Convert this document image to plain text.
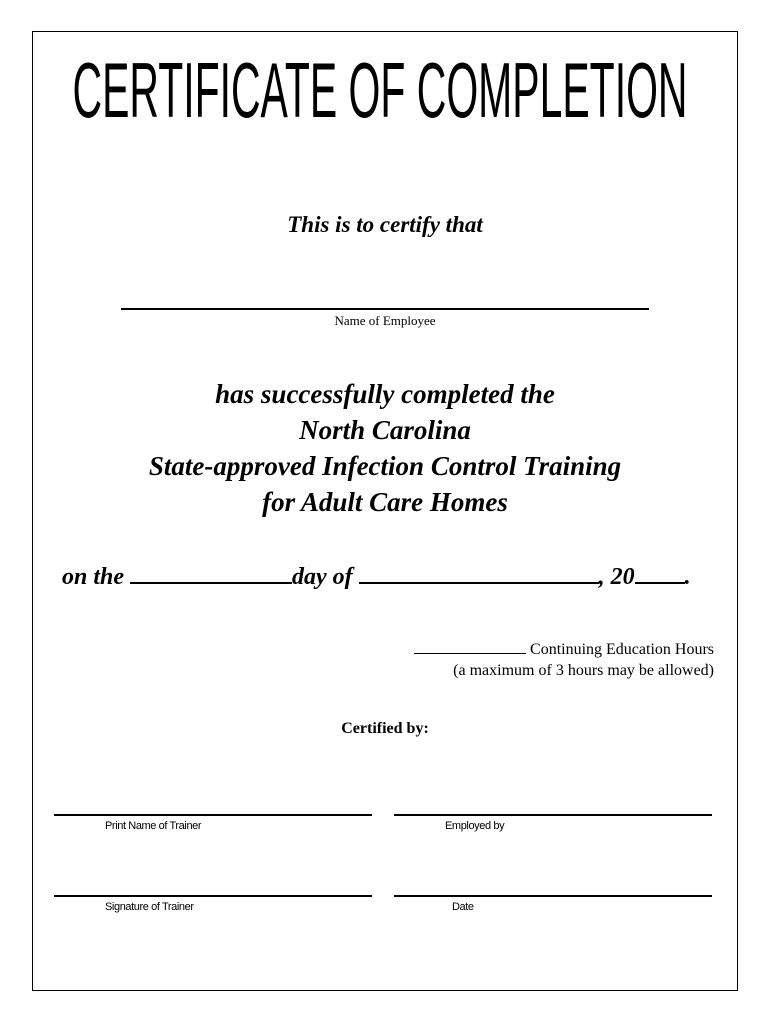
CERTIFICATE OF COMPLETION
This is to certify that
Name of Employee
has successfully completed the
North Carolina
State-approved Infection Control Training
for Adult Care Homes
on the	day of	, 20 .
Continuing Education Hours
(a maximum of 3 hours may be allowed)
Certified by:
Print Name of Trainer	Employed by
Signature of Trainer	Date
